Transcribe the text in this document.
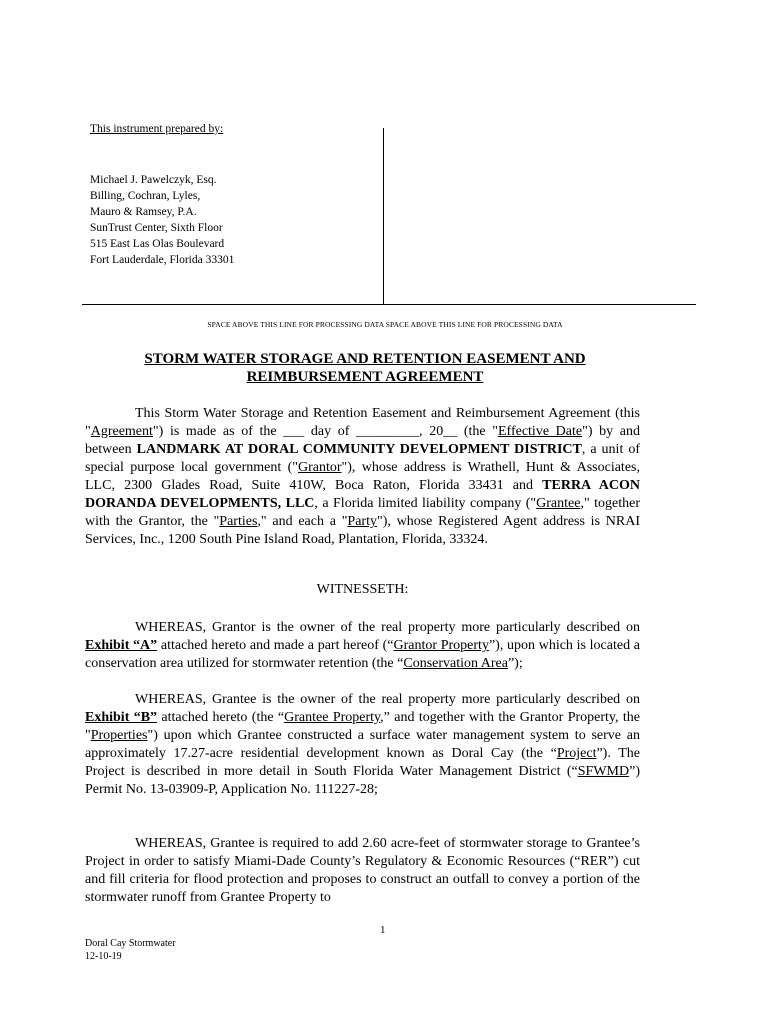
This instrument prepared by:
Michael J. Pawelczyk, Esq.
Billing, Cochran, Lyles,
Mauro & Ramsey, P.A.
SunTrust Center, Sixth Floor
515 East Las Olas Boulevard
Fort Lauderdale, Florida 33301
SPACE ABOVE THIS LINE FOR PROCESSING DATA SPACE ABOVE THIS LINE FOR PROCESSING DATA
STORM WATER STORAGE AND RETENTION EASEMENT AND
REIMBURSEMENT AGREEMENT
This Storm Water Storage and Retention Easement and Reimbursement Agreement (this "Agreement") is made as of the ___ day of _________, 20__ (the "Effective Date") by and between LANDMARK AT DORAL COMMUNITY DEVELOPMENT DISTRICT, a unit of special purpose local government ("Grantor"), whose address is Wrathell, Hunt & Associates, LLC, 2300 Glades Road, Suite 410W, Boca Raton, Florida 33431 and TERRA ACON DORANDA DEVELOPMENTS, LLC, a Florida limited liability company ("Grantee," together with the Grantor, the "Parties," and each a "Party"), whose Registered Agent address is NRAI Services, Inc., 1200 South Pine Island Road, Plantation, Florida, 33324.
WITNESSETH:
WHEREAS, Grantor is the owner of the real property more particularly described on Exhibit “A” attached hereto and made a part hereof (“Grantor Property”), upon which is located a conservation area utilized for stormwater retention (the “Conservation Area”);
WHEREAS, Grantee is the owner of the real property more particularly described on Exhibit “B” attached hereto (the “Grantee Property,” and together with the Grantor Property, the "Properties") upon which Grantee constructed a surface water management system to serve an approximately 17.27-acre residential development known as Doral Cay (the “Project”). The Project is described in more detail in South Florida Water Management District (“SFWMD”) Permit No. 13-03909-P, Application No. 111227-28;
WHEREAS, Grantee is required to add 2.60 acre-feet of stormwater storage to Grantee’s Project in order to satisfy Miami-Dade County’s Regulatory & Economic Resources (“RER”) cut and fill criteria for flood protection and proposes to construct an outfall to convey a portion of the stormwater runoff from Grantee Property to
1
Doral Cay Stormwater
12-10-19
